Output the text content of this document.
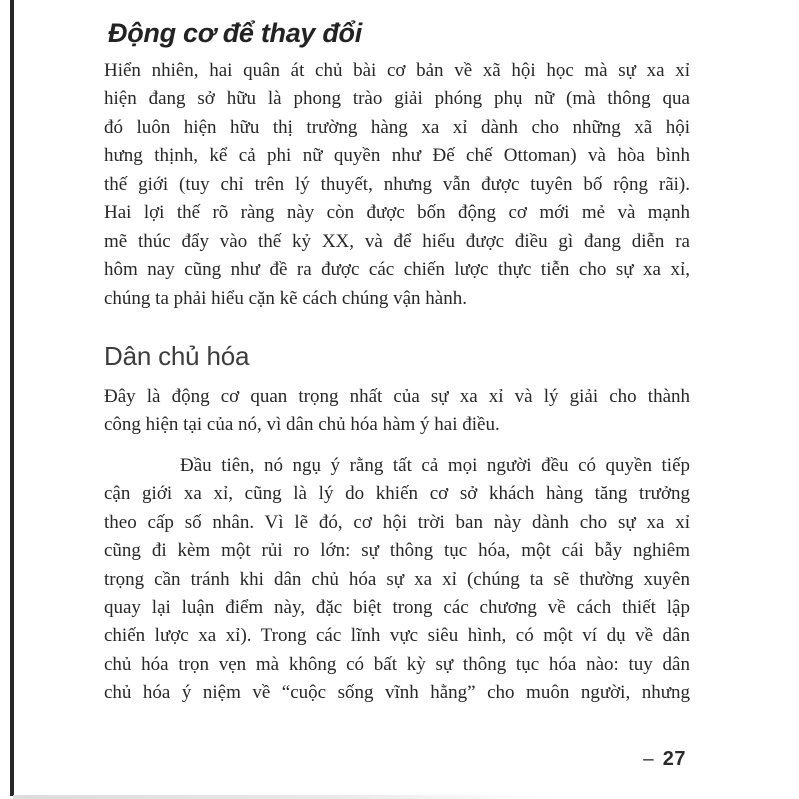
Động cơ để thay đổi
Hiển nhiên, hai quân át chủ bài cơ bản về xã hội học mà sự xa xỉ
hiện đang sở hữu là phong trào giải phóng phụ nữ (mà thông qua
đó luôn hiện hữu thị trường hàng xa xỉ dành cho những xã hội
hưng thịnh, kể cả phi nữ quyền như Đế chế Ottoman) và hòa bình
thế giới (tuy chỉ trên lý thuyết, nhưng vẫn được tuyên bố rộng rãi).
Hai lợi thế rõ ràng này còn được bốn động cơ mới mẻ và mạnh
mẽ thúc đẩy vào thế kỷ XX, và để hiểu được điều gì đang diễn ra
hôm nay cũng như đề ra được các chiến lược thực tiễn cho sự xa xỉ,
chúng ta phải hiểu cặn kẽ cách chúng vận hành.
Dân chủ hóa
Đây là động cơ quan trọng nhất của sự xa xỉ và lý giải cho thành
công hiện tại của nó, vì dân chủ hóa hàm ý hai điều.
Đầu tiên, nó ngụ ý rằng tất cả mọi người đều có quyền tiếp
cận giới xa xỉ, cũng là lý do khiến cơ sở khách hàng tăng trưởng
theo cấp số nhân. Vì lẽ đó, cơ hội trời ban này dành cho sự xa xỉ
cũng đi kèm một rủi ro lớn: sự thông tục hóa, một cái bẫy nghiêm
trọng cần tránh khi dân chủ hóa sự xa xỉ (chúng ta sẽ thường xuyên
quay lại luận điểm này, đặc biệt trong các chương về cách thiết lập
chiến lược xa xỉ). Trong các lĩnh vực siêu hình, có một ví dụ về dân
chủ hóa trọn vẹn mà không có bất kỳ sự thông tục hóa nào: tuy dân
chủ hóa ý niệm về “cuộc sống vĩnh hằng” cho muôn người, nhưng
– 27
